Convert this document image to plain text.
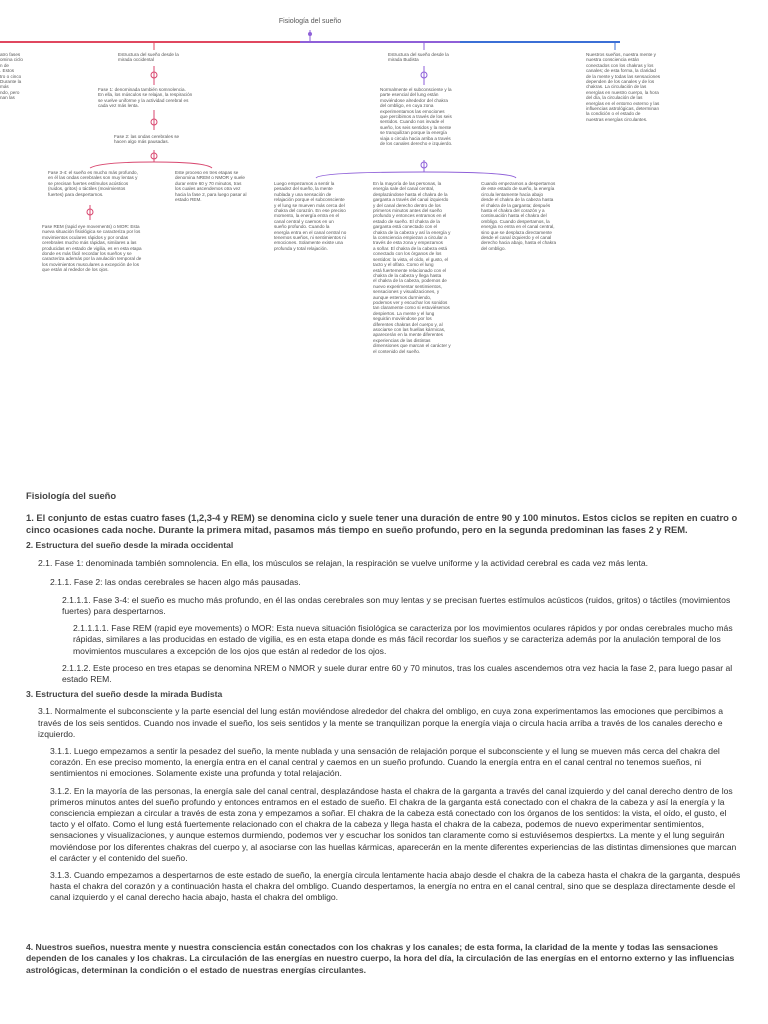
Fisiología del sueño
atro fases
omina ciclo
n de
. Estos
tro o cinco
Durante la
más
ndo, pero
nan las
Estructura del sueño desde la
mirada occidental
Estructura del sueño desde la
mirada Budista
Nuestros sueños, nuestra mente y
nuestra consciencia están
conectados con los chakras y los
canales; de esta forma, la claridad
de la mente y todas las sensaciones
dependen de los canales y de los
chakras. La circulación de las
energías en nuestro cuerpo, la hora
del día, la circulación de las
energías en el entorno externo y las
influencias astrológicas, determinan
la condición o el estado de
nuestras energías circulantes.
Fase 1: denominada también somnolencia.
En ella, los músculos se relajan, la respiración
se vuelve uniforme y la actividad cerebral es
cada vez más lenta.
Fase 2: las ondas cerebrales se
hacen algo más pausadas.
Fase 3-4: el sueño es mucho más profundo,
en él las ondas cerebrales son muy lentas y
se precisan fuertes estímulos acústicos
(ruidos, gritos) o táctiles (movimientos
fuertes) para despertarnos.
Este proceso en tres etapas se
denomina NREM o NMOR y suele
durar entre 60 y 70 minutos, tras
los cuales ascendemos otra vez
hacia la fase 2, para luego pasar al
estado REM.
Fase REM (rapid eye movements) o MOR: Esta
nueva situación fisiológica se caracteriza por los
movimientos oculares rápidos y por ondas
cerebrales mucho más rápidas, similares a las
producidas en estado de vigilia, es en esta etapa
donde es más fácil recordar los sueños y se
caracteriza además por la anulación temporal de
los movimientos musculares a excepción de los
que están al rededor de los ojos.
Normalmente el subconsciente y la
parte esencial del lung están
moviéndose alrededor del chakra
del ombligo, en cuya zona
experimentamos las emociones
que percibimos a través de los seis
sentidos. Cuando nos invade el
sueño, los seis sentidos y la mente
se tranquilizan porque la energía
viaja o circula hacia arriba a través
de los canales derecho e izquierdo.
Luego empezamos a sentir la
pesadez del sueño, la mente
nublada y una sensación de
relajación porque el subconsciente
y el lung se mueven más cerca del
chakra del corazón. En ese preciso
momento, la energía entra en el
canal central y caemos en un
sueño profundo. Cuando la
energía entra en el canal central no
tenemos sueños, ni sentimientos ni
emociones. Solamente existe una
profunda y total relajación.
En la mayoría de las personas, la
energía sale del canal central,
desplazándose hasta el chakra de la
garganta a través del canal izquierdo
y del canal derecho dentro de los
primeros minutos antes del sueño
profundo y entonces entramos en el
estado de sueño. El chakra de la
garganta está conectado con el
chakra de la cabeza y así la energía y
la consciencia empiezan a circular a
través de esta zona y empezamos
a soñar. El chakra de la cabeza está
conectado con los órganos de los
sentidos: la vista, el oído, el gusto, el
tacto y el olfato. Como el lung
está fuertemente relacionado con el
chakra de la cabeza y llega hasta
el chakra de la cabeza, podemos de
nuevo experimentar sentimientos,
sensaciones y visualizaciones, y
aunque estemos durmiendo,
podemos ver y escuchar los sonidos
tan claramente como si estuviésemos
despiertos. La mente y el lung
seguirán moviéndose por los
diferentes chakras del cuerpo y, al
asociarse con las huellas kármicas,
aparecerán en la mente diferentes
experiencias de las distintas
dimensiones que marcan el carácter y
el contenido del sueño.
Cuando empezamos a despertarnos
de este estado de sueño, la energía
circula lentamente hacia abajo
desde el chakra de la cabeza hasta
el chakra de la garganta; después
hasta el chakra del corazón y a
continuación hasta el chakra del
ombligo. Cuando despertamos, la
energía no entra en el canal central,
sino que se desplaza directamente
desde el canal izquierdo y el canal
derecho hacia abajo, hasta el chakra
del ombligo.

Fisiología del sueño

1. El conjunto de estas cuatro fases (1,2,3-4 y REM) se denomina ciclo y suele tener una duración de entre 90 y 100 minutos. Estos ciclos se repiten en cuatro o cinco ocasiones cada noche. Durante la primera mitad, pasamos más tiempo en sueño profundo, pero en la segunda predominan las fases 2 y REM.

2. Estructura del sueño desde la mirada occidental

2.1. Fase 1: denominada también somnolencia. En ella, los músculos se relajan, la respiración se vuelve uniforme y la actividad cerebral es cada vez más lenta.

2.1.1. Fase 2: las ondas cerebrales se hacen algo más pausadas.

2.1.1.1. Fase 3-4: el sueño es mucho más profundo, en él las ondas cerebrales son muy lentas y se precisan fuertes estímulos acústicos (ruidos, gritos) o táctiles (movimientos fuertes) para despertarnos.

2.1.1.1.1. Fase REM (rapid eye movements) o MOR: Esta nueva situación fisiológica se caracteriza por los movimientos oculares rápidos y por ondas cerebrales mucho más rápidas, similares a las producidas en estado de vigilia, es en esta etapa donde es más fácil recordar los sueños y se caracteriza además por la anulación temporal de los movimientos musculares a excepción de los ojos que están al rededor de los ojos.

2.1.1.2. Este proceso en tres etapas se denomina NREM o NMOR y suele durar entre 60 y 70 minutos, tras los cuales ascendemos otra vez hacia la fase 2, para luego pasar al estado REM.

3. Estructura del sueño desde la mirada Budista

3.1. Normalmente el subconsciente y la parte esencial del lung están moviéndose alrededor del chakra del ombligo, en cuya zona experimentamos las emociones que percibimos a través de los seis sentidos. Cuando nos invade el sueño, los seis sentidos y la mente se tranquilizan porque la energía viaja o circula hacia arriba a través de los canales derecho e izquierdo.

3.1.1. Luego empezamos a sentir la pesadez del sueño, la mente nublada y una sensación de relajación porque el subconsciente y el lung se mueven más cerca del chakra del corazón. En ese preciso momento, la energía entra en el canal central y caemos en un sueño profundo. Cuando la energía entra en el canal central no tenemos sueños, ni sentimientos ni emociones. Solamente existe una profunda y total relajación.

3.1.2. En la mayoría de las personas, la energía sale del canal central, desplazándose hasta el chakra de la garganta a través del canal izquierdo y del canal derecho dentro de los primeros minutos antes del sueño profundo y entonces entramos en el estado de sueño. El chakra de la garganta está conectado con el chakra de la cabeza y así la energía y la consciencia empiezan a circular a través de esta zona y empezamos a soñar. El chakra de la cabeza está conectado con los órganos de los sentidos: la vista, el oído, el gusto, el tacto y el olfato. Como el lung está fuertemente relacionado con el chakra de la cabeza y llega hasta el chakra de la cabeza, podemos de nuevo experimentar sentimientos, sensaciones y visualizaciones, y aunque estemos durmiendo, podemos ver y escuchar los sonidos tan claramente como si estuviésemos despiertxs. La mente y el lung seguirán moviéndose por los diferentes chakras del cuerpo y, al asociarse con las huellas kármicas, aparecerán en la mente diferentes experiencias de las distintas dimensiones que marcan el carácter y el contenido del sueño.

3.1.3. Cuando empezamos a despertarnos de este estado de sueño, la energía circula lentamente hacia abajo desde el chakra de la cabeza hasta el chakra de la garganta, después hasta el chakra del corazón y a continuación hasta el chakra del ombligo. Cuando despertamos, la energía no entra en el canal central, sino que se desplaza directamente desde el canal izquierdo y el canal derecho hacia abajo, hasta el chakra del ombligo.

4. Nuestros sueños, nuestra mente y nuestra consciencia están conectados con los chakras y los canales; de esta forma, la claridad de la mente y todas las sensaciones dependen de los canales y los chakras. La circulación de las energías en nuestro cuerpo, la hora del día, la circulación de las energías en el entorno externo y las influencias astrológicas, determinan la condición o el estado de nuestras energías circulantes.
